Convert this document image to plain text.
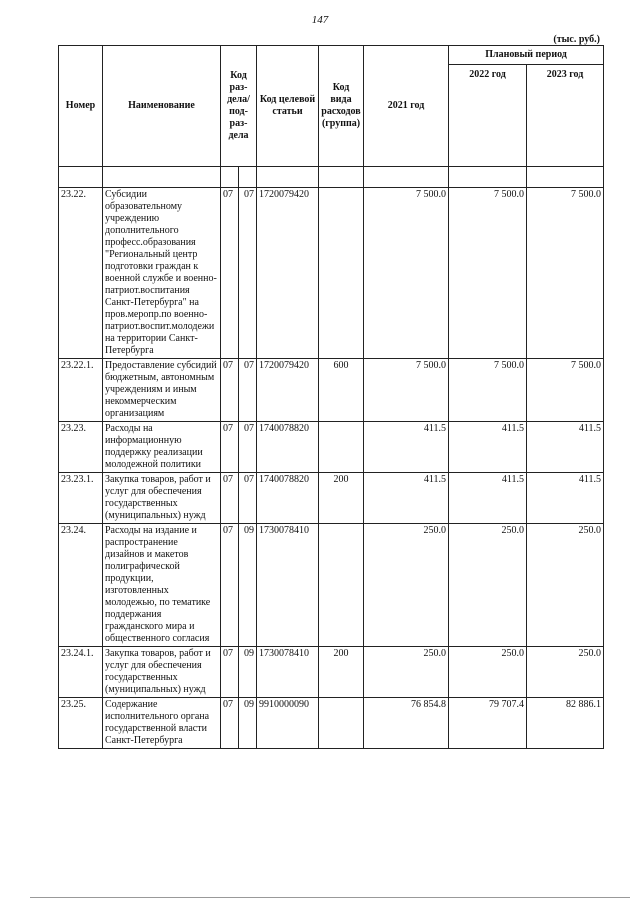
147
(тыс. руб.)
Номер	Наименование	Код раз-дела/ под-раз-дела		Код целевой статьи	Код вида расходов (группа)	2021 год	Плановый период	
							2022 год	2023 год

23.22.	Субсидии образовательному учреждению дополнительного професс.образования "Региональный центр подготовки граждан к военной службе и военно-патриот.воспитания Санкт-Петербурга" на пров.меропр.по военно-патриот.воспит.молодежи на территории Санкт-Петербурга	07	07	1720079420		7 500.0	7 500.0	7 500.0
23.22.1.	Предоставление субсидий бюджетным, автономным учреждениям и иным некоммерческим организациям	07	07	1720079420	600	7 500.0	7 500.0	7 500.0
23.23.	Расходы на информационную поддержку реализации молодежной политики	07	07	1740078820		411.5	411.5	411.5
23.23.1.	Закупка товаров, работ и услуг для обеспечения государственных (муниципальных) нужд	07	07	1740078820	200	411.5	411.5	411.5
23.24.	Расходы на издание и распространение дизайнов и макетов полиграфической продукции, изготовленных молодежью, по тематике поддержания гражданского мира и общественного согласия	07	09	1730078410		250.0	250.0	250.0
23.24.1.	Закупка товаров, работ и услуг для обеспечения государственных (муниципальных) нужд	07	09	1730078410	200	250.0	250.0	250.0
23.25.	Содержание исполнительного органа государственной власти Санкт-Петербурга	07	09	9910000090		76 854.8	79 707.4	82 886.1
